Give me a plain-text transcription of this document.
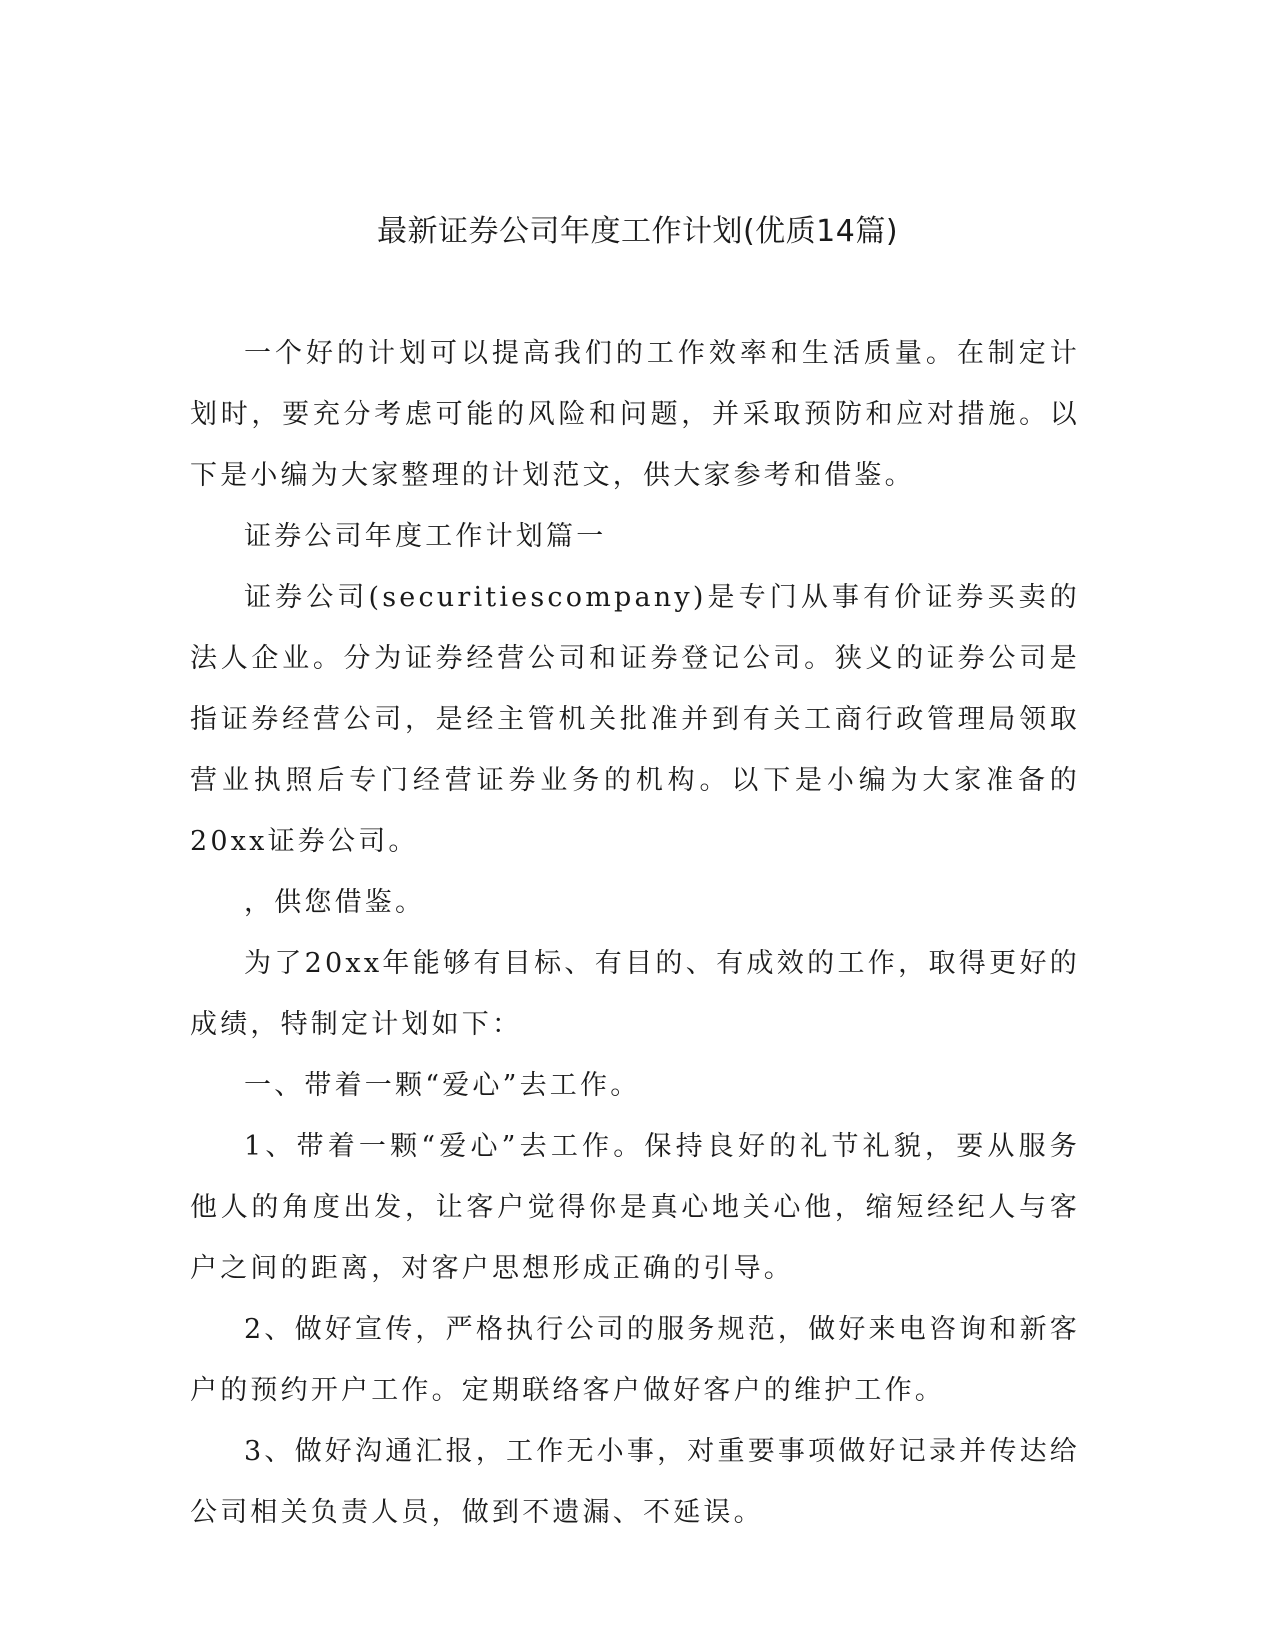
最新证券公司年度工作计划(优质14篇)

一个好的计划可以提高我们的工作效率和生活质量。在制定计划时，要充分考虑可能的风险和问题，并采取预防和应对措施。以下是小编为大家整理的计划范文，供大家参考和借鉴。

证券公司年度工作计划篇一

证券公司(securitiescompany)是专门从事有价证券买卖的法人企业。分为证券经营公司和证券登记公司。狭义的证券公司是指证券经营公司，是经主管机关批准并到有关工商行政管理局领取营业执照后专门经营证券业务的机构。以下是小编为大家准备的20xx证券公司。

，供您借鉴。

为了20xx年能够有目标、有目的、有成效的工作，取得更好的成绩，特制定计划如下：

一、带着一颗“爱心”去工作。

1、带着一颗“爱心”去工作。保持良好的礼节礼貌，要从服务他人的角度出发，让客户觉得你是真心地关心他，缩短经纪人与客户之间的距离，对客户思想形成正确的引导。

2、做好宣传，严格执行公司的服务规范，做好来电咨询和新客户的预约开户工作。定期联络客户做好客户的维护工作。

3、做好沟通汇报，工作无小事，对重要事项做好记录并传达给公司相关负责人员，做到不遗漏、不延误。
